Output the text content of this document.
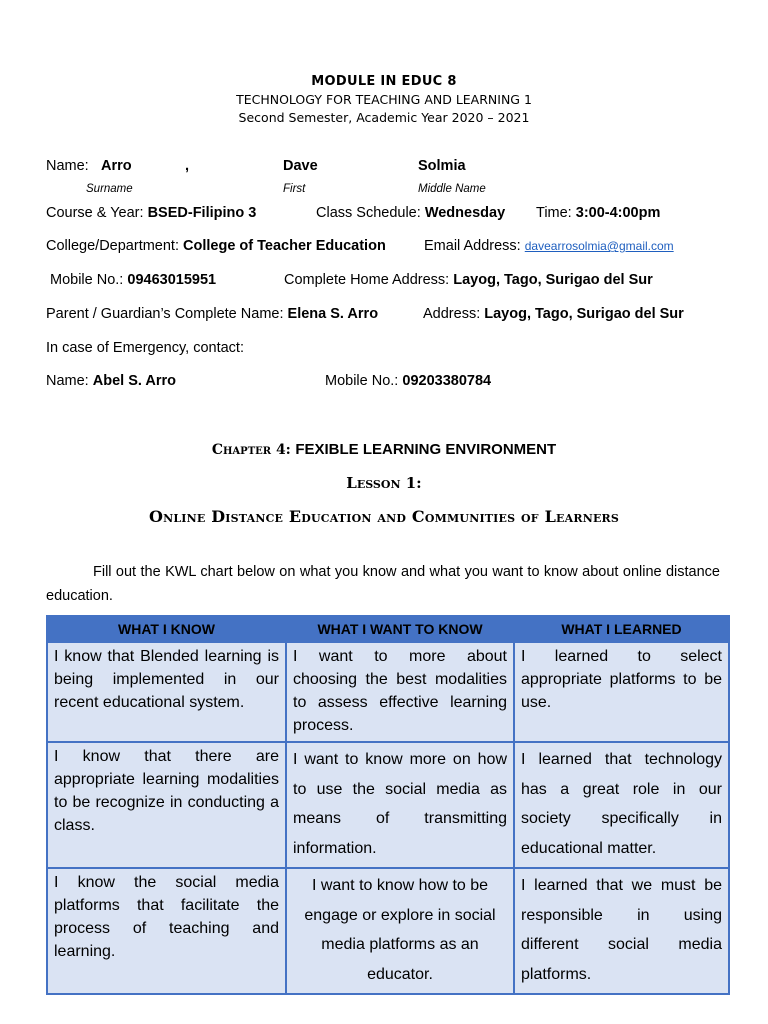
MODULE IN EDUC 8
TECHNOLOGY FOR TEACHING AND LEARNING 1
Second Semester, Academic Year 2020 – 2021
Name: Arro	,	Dave	Solmia
Surname	First	Middle Name
Course & Year: BSED-Filipino 3	Class Schedule: Wednesday Time: 3:00-4:00pm
College/Department: College of Teacher Education	Email Address: davearrosolmia@gmail.com
Mobile No.: 09463015951	Complete Home Address: Layog, Tago, Surigao del Sur
Parent / Guardian’s Complete Name: Elena S. Arro	Address: Layog, Tago, Surigao del Sur
In case of Emergency, contact:
Name: Abel S. Arro	Mobile No.: 09203380784
Chapter 4: FEXIBLE LEARNING ENVIRONMENT
Lesson 1:
Online Distance Education and Communities of Learners
Fill out the KWL chart below on what you know and what you want to know about online distance education.
WHAT I KNOW	WHAT I WANT TO KNOW	WHAT I LEARNED
I know that Blended learning is being implemented in our recent educational system.	I want to more about choosing the best modalities to assess effective learning process.	I learned to select appropriate platforms to be use.
I know that there are appropriate learning modalities to be recognize in conducting a class.	I want to know more on how to use the social media as means of transmitting information.	I learned that technology has a great role in our society specifically in educational matter.
I know the social media platforms that facilitate the process of teaching and learning.	I want to know how to be engage or explore in social media platforms as an educator.	I learned that we must be responsible in using different social media platforms.
